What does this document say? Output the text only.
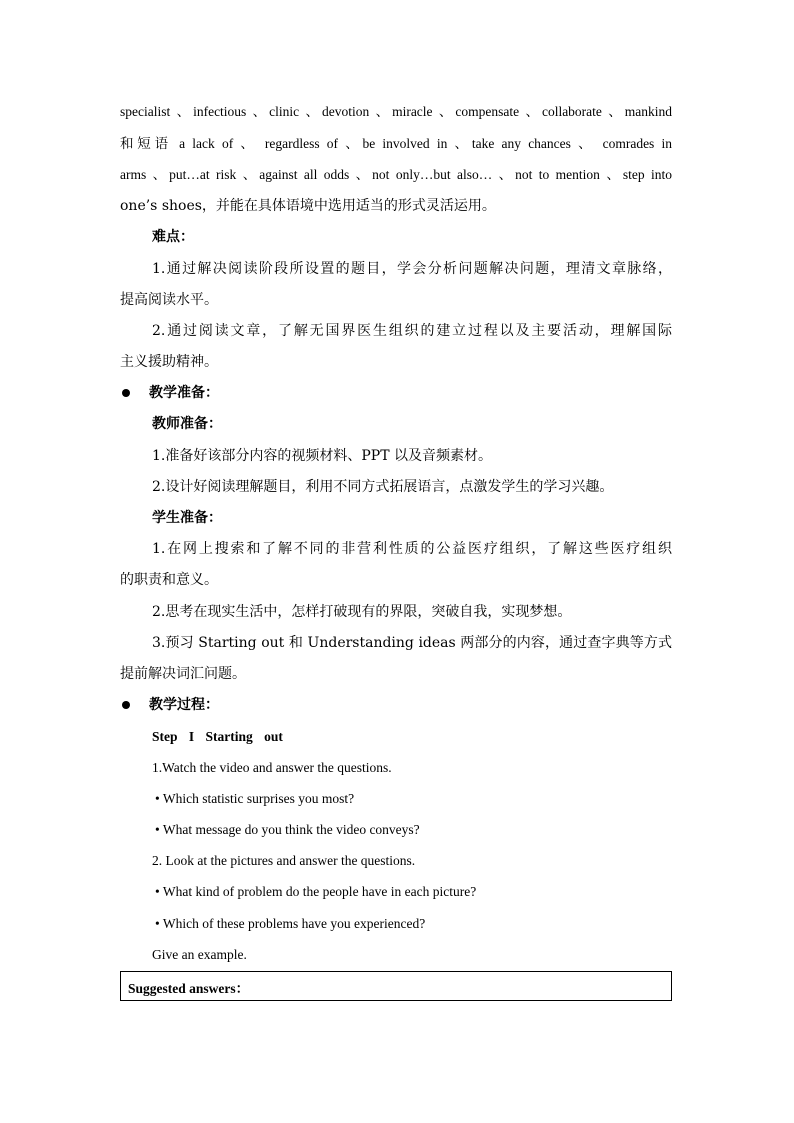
specialist 、infectious 、clinic 、devotion 、miracle 、compensate 、collaborate 、mankind
和短语 a lack of 、 regardless of 、be involved in 、take any chances 、 comrades in
arms 、put…at risk 、against all odds 、not only…but also… 、not to mention 、step into
one’s shoes，并能在具体语境中选用适当的形式灵活运用。
难点：
1.通过解决阅读阶段所设置的题目，学会分析问题解决问题，理清文章脉络，
提高阅读水平。
2.通过阅读文章，了解无国界医生组织的建立过程以及主要活动，理解国际
主义援助精神。
教学准备：
教师准备：
1.准备好该部分内容的视频材料、PPT 以及音频素材。
2.设计好阅读理解题目，利用不同方式拓展语言，点激发学生的学习兴趣。
学生准备：
1.在网上搜索和了解不同的非营利性质的公益医疗组织，了解这些医疗组织
的职责和意义。
2.思考在现实生活中，怎样打破现有的界限，突破自我，实现梦想。
3.预习 Starting out 和 Understanding ideas 两部分的内容，通过查字典等方式
提前解决词汇问题。
教学过程：
Step I Starting out
1.Watch the video and answer the questions.
• Which statistic surprises you most?
• What message do you think the video conveys?
2. Look at the pictures and answer the questions.
• What kind of problem do the people have in each picture?
• Which of these problems have you experienced?
Give an example.
Suggested answers：
